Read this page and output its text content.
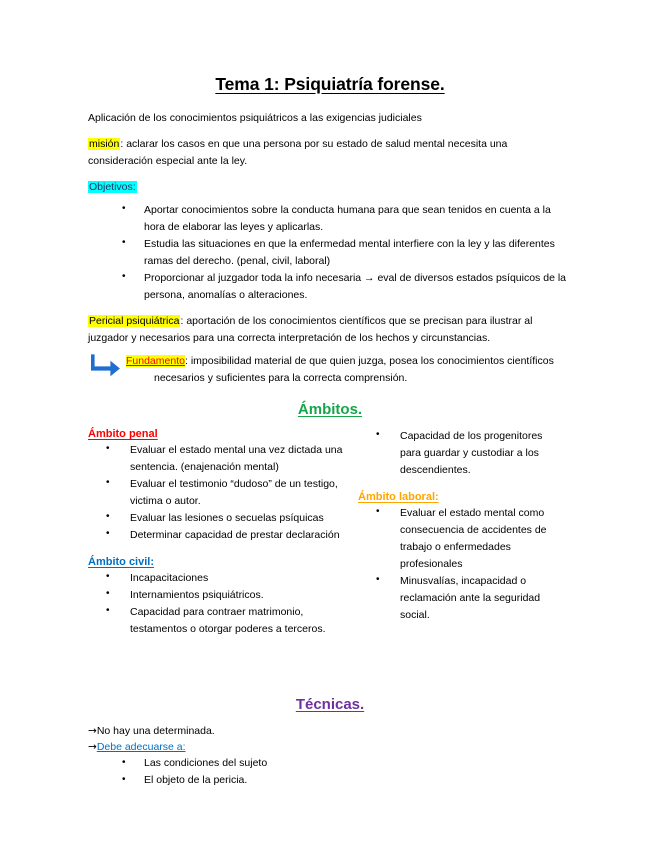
Tema 1: Psiquiatría forense.

Aplicación de los conocimientos psiquiátricos a las exigencias judiciales

misión: aclarar los casos en que una persona por su estado de salud mental necesita una consideración especial ante la ley.

Objetivos:

• Aportar conocimientos sobre la conducta humana para que sean tenidos en cuenta a la hora de elaborar las leyes y aplicarlas.
• Estudia las situaciones en que la enfermedad mental interfiere con la ley y las diferentes ramas del derecho. (penal, civil, laboral)
• Proporcionar al juzgador toda la info necesaria → eval de diversos estados psíquicos de la persona, anomalías o alteraciones.

Pericial psiquiátrica: aportación de los conocimientos científicos que se precisan para ilustrar al juzgador y necesarios para una correcta interpretación de los hechos y circunstancias.

Fundamento: imposibilidad material de que quien juzga, posea los conocimientos científicos
necesarios y suficientes para la correcta comprensión.
Ámbitos.
Ámbito penal
• Evaluar el estado mental una vez dictada una sentencia. (enajenación mental)
• Evaluar el testimonio “dudoso” de un testigo, victima o autor.
• Evaluar las lesiones o secuelas psíquicas
• Determinar capacidad de prestar declaración
Ámbito civil:
• Incapacitaciones
• Internamientos psiquiátricos.
• Capacidad para contraer matrimonio, testamentos o otorgar poderes a terceros.
• Capacidad de los progenitores para guardar y custodiar a los descendientes.
Ámbito laboral:
• Evaluar el estado mental como consecuencia de accidentes de trabajo o enfermedades profesionales
• Minusvalías, incapacidad o reclamación ante la seguridad social.
Técnicas.

→No hay una determinada.

→Debe adecuarse a:

• Las condiciones del sujeto
• El objeto de la pericia.
